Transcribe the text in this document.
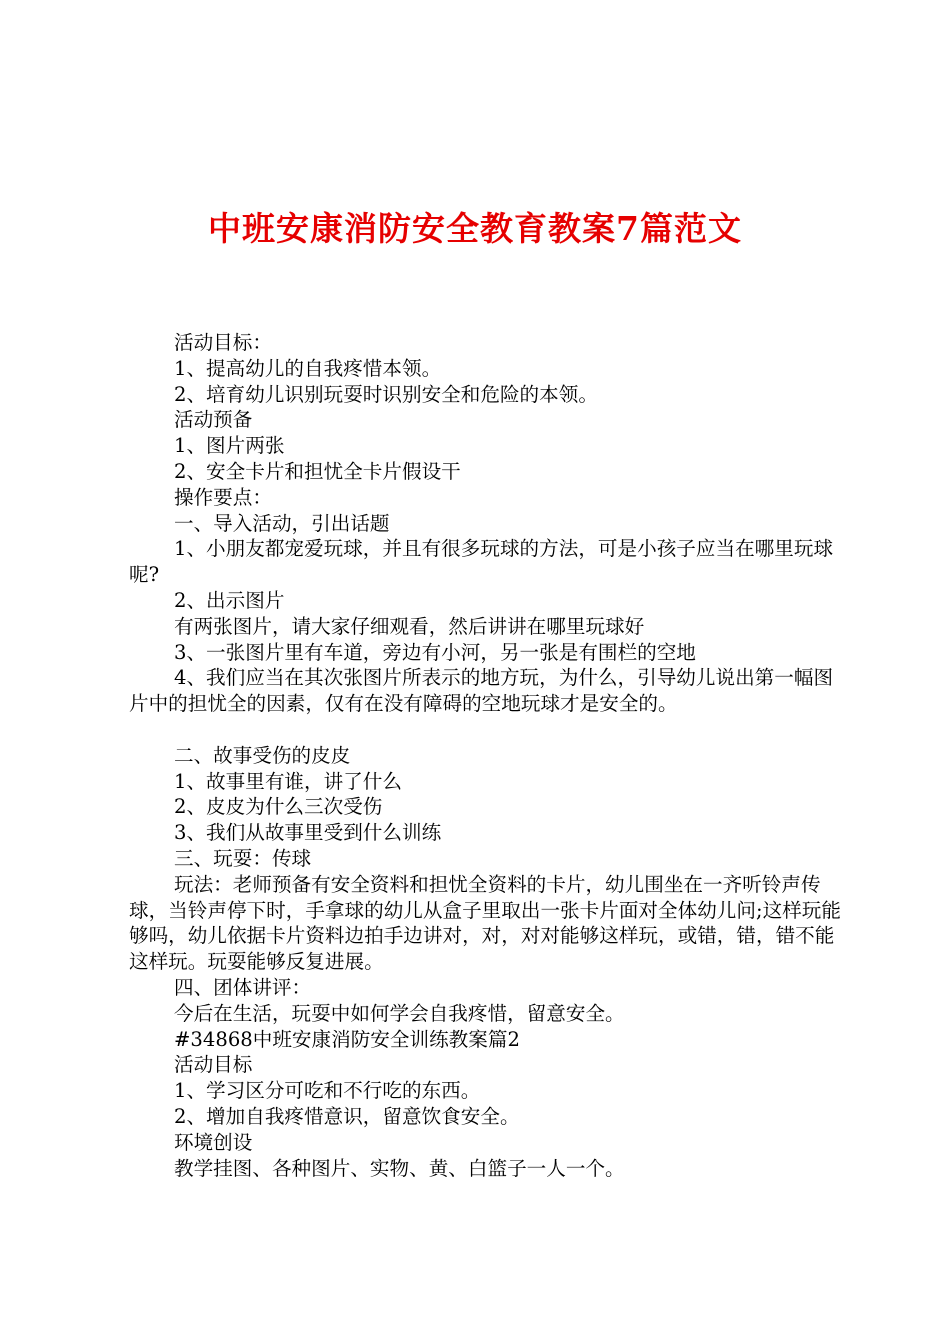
中班安康消防安全教育教案7篇范文

活动目标：

1、提高幼儿的自我疼惜本领。

2、培育幼儿识别玩耍时识别安全和危险的本领。

活动预备

1、图片两张

2、安全卡片和担忧全卡片假设干

操作要点：

一、导入活动，引出话题

1、小朋友都宠爱玩球，并且有很多玩球的方法，可是小孩子应当在哪里玩球呢?

2、出示图片

有两张图片，请大家仔细观看，然后讲讲在哪里玩球好

3、一张图片里有车道，旁边有小河，另一张是有围栏的空地

4、我们应当在其次张图片所表示的地方玩，为什么，引导幼儿说出第一幅图片中的担忧全的因素，仅有在没有障碍的空地玩球才是安全的。

二、故事受伤的皮皮

1、故事里有谁，讲了什么

2、皮皮为什么三次受伤

3、我们从故事里受到什么训练

三、玩耍：传球

玩法：老师预备有安全资料和担忧全资料的卡片，幼儿围坐在一齐听铃声传球，当铃声停下时，手拿球的幼儿从盒子里取出一张卡片面对全体幼儿问;这样玩能够吗，幼儿依据卡片资料边拍手边讲对，对，对对能够这样玩，或错，错，错不能这样玩。玩耍能够反复进展。

四、团体讲评：

今后在生活，玩耍中如何学会自我疼惜，留意安全。

#34868中班安康消防安全训练教案篇2

活动目标

1、学习区分可吃和不行吃的东西。

2、增加自我疼惜意识，留意饮食安全。

环境创设

教学挂图、各种图片、实物、黄、白篮子一人一个。
